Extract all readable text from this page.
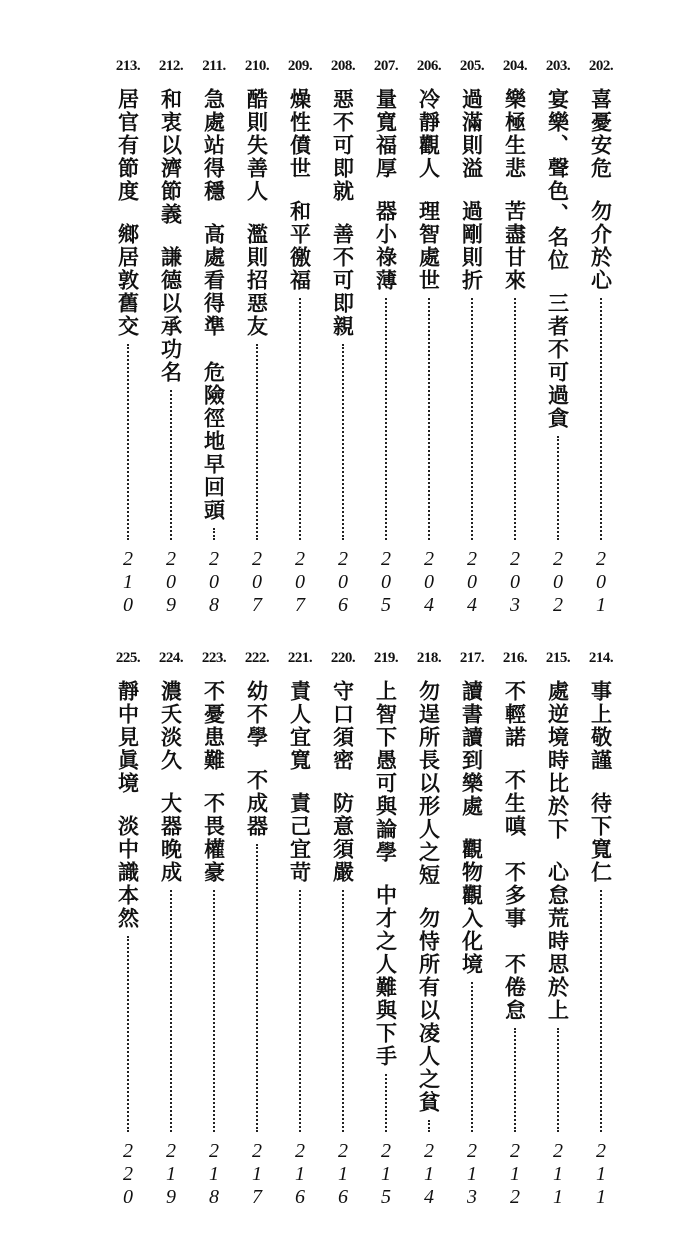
202.
喜憂安危勿介於心
201
203.
宴樂、聲色、名位三者不可過貪
202
204.
樂極生悲苦盡甘來
203
205.
過滿則溢過剛則折
204
206.
冷靜觀人理智處世
204
207.
量寬福厚器小祿薄
205
208.
惡不可即就善不可即親
206
209.
燥性僨世和平徼福
207
210.
酷則失善人濫則招惡友
207
211.
急處站得穩高處看得準　危險徑地早回頭
208
212.
和衷以濟節義謙德以承功名
209
213.
居官有節度鄉居敦舊交
210
214.
事上敬謹待下寬仁
211
215.
處逆境時比於下心怠荒時思於上
211
216.
不輕諾不生嗔　不多事　不倦怠
212
217.
讀書讀到樂處觀物觀入化境
213
218.
勿逞所長以形人之短勿恃所有以凌人之貧
214
219.
上智下愚可與論學中才之人難與下手
215
220.
守口須密防意須嚴
216
221.
責人宜寬責己宜苛
216
222.
幼不學不成器
217
223.
不憂患難不畏權豪
218
224.
濃夭淡久大器晚成
219
225.
靜中見眞境淡中識本然
220
